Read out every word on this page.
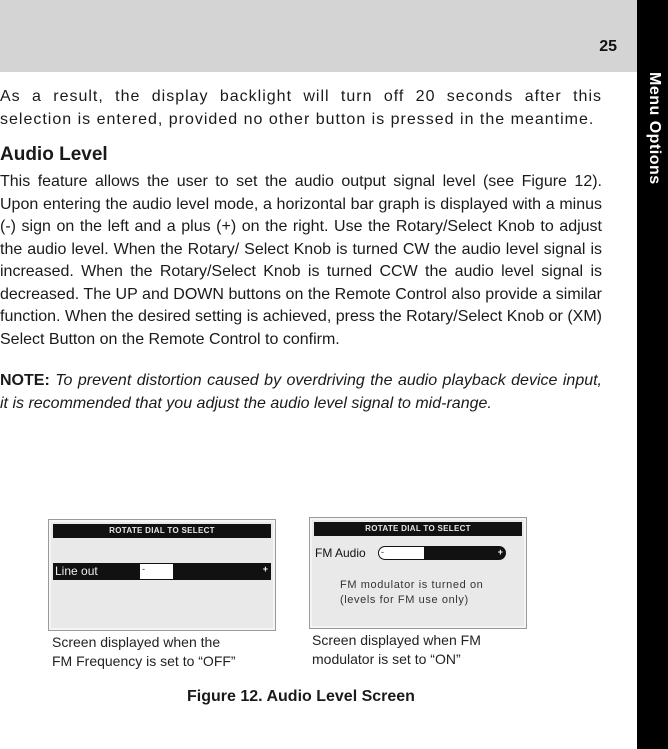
25
Menu Options

As a result, the display backlight will turn off 20 seconds after this selection is entered, provided no other button is pressed in the meantime.

Audio Level

This feature allows the user to set the audio output signal level (see Figure 12). Upon entering the audio level mode, a horizontal bar graph is displayed with a minus (-) sign on the left and a plus (+) on the right. Use the Rotary/Select Knob to adjust the audio level. When the Rotary/ Select Knob is turned CW the audio level signal is increased. When the Rotary/Select Knob is turned CCW the audio level signal is decreased. The UP and DOWN buttons on the Remote Control also provide a similar function. When the desired setting is achieved, press the Rotary/Select Knob or (XM) Select Button on the Remote Control to confirm.

NOTE: To prevent distortion caused by overdriving the audio playback device input, it is recommended that you adjust the audio level signal to mid-range.

ROTATE DIAL TO SELECT
Line out	-	+
ROTATE DIAL TO SELECT
FM Audio -	+
FM modulator is turned on
(levels for FM use only)
Screen displayed when the
FM Frequency is set to “OFF”
Screen displayed when FM
modulator is set to “ON”
Figure 12. Audio Level Screen
